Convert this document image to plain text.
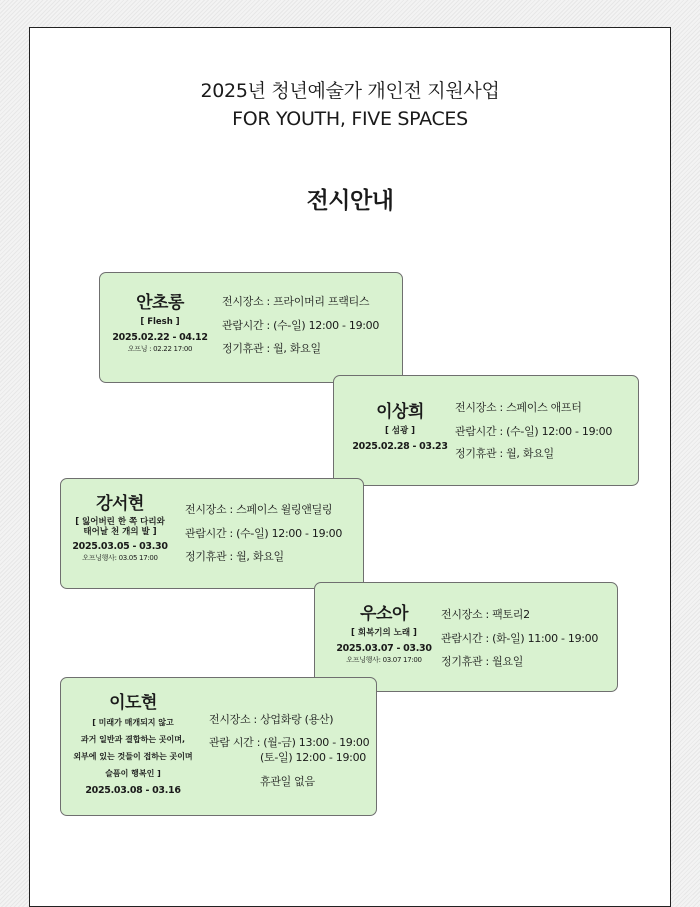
2025년 청년예술가 개인전 지원사업
FOR YOUTH, FIVE SPACES
전시안내
안초롱
[ Flesh ]
2025.02.22 - 04.12
오프닝 : 02.22 17:00
전시장소 : 프라이머리 프랙티스
관람시간 : (수-일) 12:00 - 19:00
정기휴관 : 월, 화요일
이상희
[ 섬광 ]
2025.02.28 - 03.23
전시장소 : 스페이스 애프터
관람시간 : (수-일) 12:00 - 19:00
정기휴관 : 월, 화요일
강서현
[ 잃어버린 한 쪽 다리와
태어날 천 개의 발 ]
2025.03.05 - 03.30
오프닝행사: 03.05 17:00
전시장소 : 스페이스 윌링앤딜링
관람시간 : (수-일) 12:00 - 19:00
정기휴관 : 월, 화요일
우소아
[ 회복기의 노래 ]
2025.03.07 - 03.30
오프닝행사: 03.07 17:00
전시장소 : 팩토리2
관람시간 : (화-일) 11:00 - 19:00
정기휴관 : 월요일
이도현
[ 미래가 매개되지 않고
과거 일반과 결합하는 곳이며,
외부에 있는 것들이 접하는 곳이며
슬픔이 행복인 ]
2025.03.08 - 03.16
전시장소 : 상업화랑 (용산)
관람 시간 : (월-금) 13:00 - 19:00
(토-일) 12:00 - 19:00
휴관일 없음
